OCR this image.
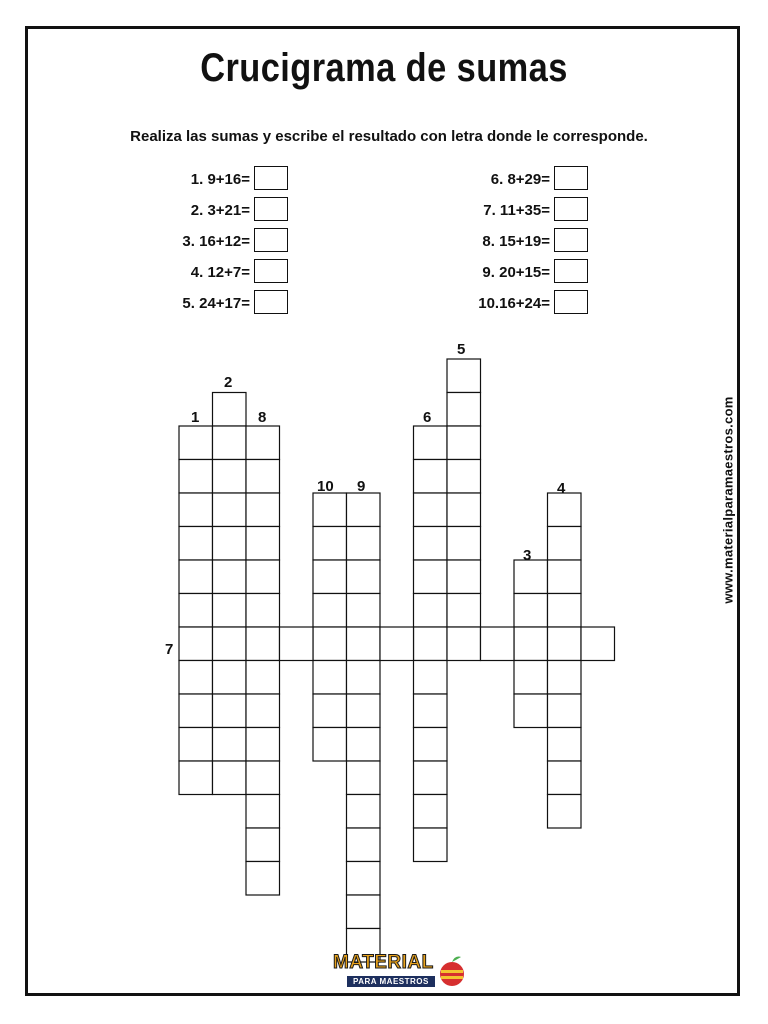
Crucigrama de sumas
Realiza las sumas y escribe el resultado con letra donde le corresponde.
1. 9+16=
2. 3+21=
3. 16+12=
4. 12+7=
5. 24+17=
6. 8+29=
7. 11+35=
8. 15+19=
9. 20+15=
10.16+24=
www.materialparamaestros.com
1
2
3
4
5
6
7
8
9
10
MATERIAL
PARA MAESTROS
